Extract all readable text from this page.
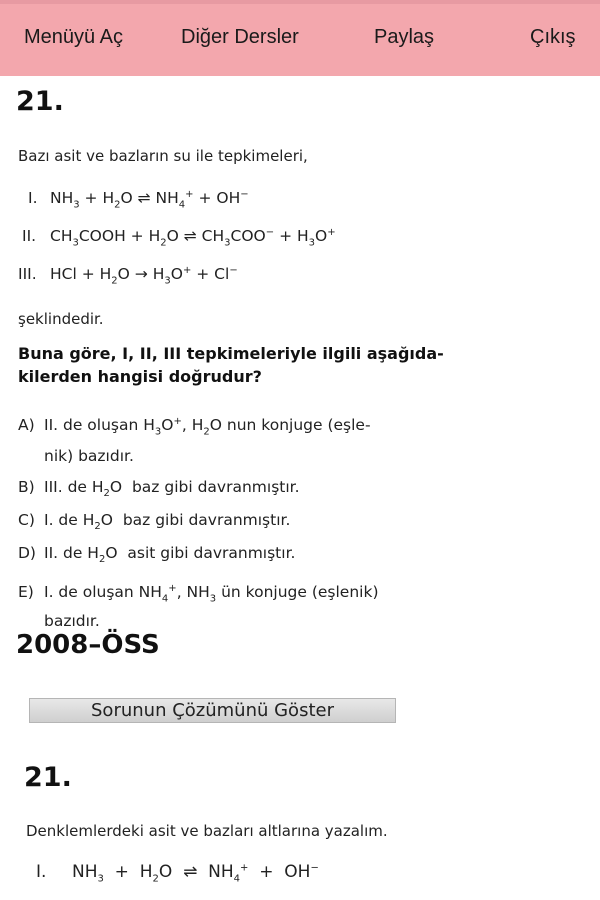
Menüyü Aç	Diğer Dersler	Paylaş	Çıkış
21.
Bazı asit ve bazların su ile tepkimeleri,
I. $NH_3 + H_2O$ ⇌ $NH_4^+ + OH^-$
II. $CH_3COOH + H_2O$ ⇌ $CH_3COO^- + H_3O^+$
III. HCl + $H_2O \to H_3O^+ + Cl^-$
şeklindedir.
Buna göre, I, II, III tepkimeleriyle ilgili aşağıda-
kilerden hangisi doğrudur?
A) II. de oluşan $H_3O^+$, $H_2O$ nun konjuge (eşle-
nik) bazıdır.
B) III. de $H_2O$  baz gibi davranmıştır.
C) I. de $H_2O$  baz gibi davranmıştır.
D) II. de $H_2O$  asit gibi davranmıştır.
E) I. de oluşan $NH_4^+$, $NH_3$ ün konjuge (eşlenik)
bazıdır.
2008–ÖSS
Sorunun Çözümünü Göster
21.
Denklemlerdeki asit ve bazları altlarına yazalım.
I. $NH_3 + H_2O$  ⇌  $NH_4^+ + OH^-$
